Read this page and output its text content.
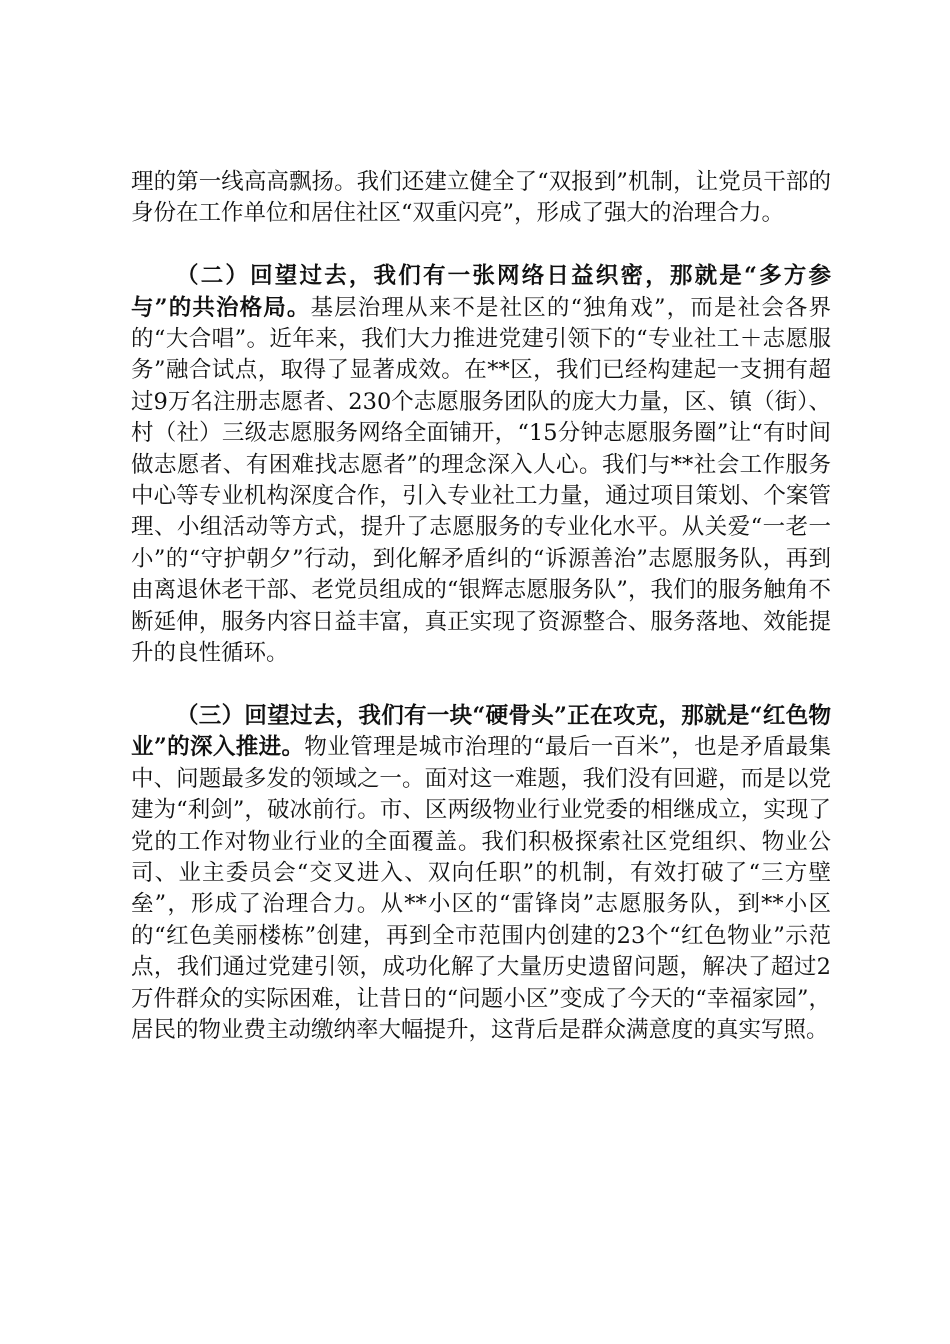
理的第一线高高飘扬。我们还建立健全了“双报到”机制，让党员干部的身份在工作单位和居住社区“双重闪亮”，形成了强大的治理合力。

（二）回望过去，我们有一张网络日益织密，那就是“多方参与”的共治格局。基层治理从来不是社区的“独角戏”，而是社会各界的“大合唱”。近年来，我们大力推进党建引领下的“专业社工＋志愿服务”融合试点，取得了显著成效。在**区，我们已经构建起一支拥有超过9万名注册志愿者、230个志愿服务团队的庞大力量，区、镇（街）、村（社）三级志愿服务网络全面铺开，“15分钟志愿服务圈”让“有时间做志愿者、有困难找志愿者”的理念深入人心。我们与**社会工作服务中心等专业机构深度合作，引入专业社工力量，通过项目策划、个案管理、小组活动等方式，提升了志愿服务的专业化水平。从关爱“一老一小”的“守护朝夕”行动，到化解矛盾纠的“诉源善治”志愿服务队，再到由离退休老干部、老党员组成的“银辉志愿服务队”，我们的服务触角不断延伸，服务内容日益丰富，真正实现了资源整合、服务落地、效能提升的良性循环。

（三）回望过去，我们有一块“硬骨头”正在攻克，那就是“红色物业”的深入推进。物业管理是城市治理的“最后一百米”，也是矛盾最集中、问题最多发的领域之一。面对这一难题，我们没有回避，而是以党建为“利剑”，破冰前行。市、区两级物业行业党委的相继成立，实现了党的工作对物业行业的全面覆盖。我们积极探索社区党组织、物业公司、业主委员会“交叉进入、双向任职”的机制，有效打破了“三方壁垒”，形成了治理合力。从**小区的“雷锋岗”志愿服务队，到**小区的“红色美丽楼栋”创建，再到全市范围内创建的23个“红色物业”示范点，我们通过党建引领，成功化解了大量历史遗留问题，解决了超过2万件群众的实际困难，让昔日的“问题小区”变成了今天的“幸福家园”，居民的物业费主动缴纳率大幅提升，这背后是群众满意度的真实写照。
